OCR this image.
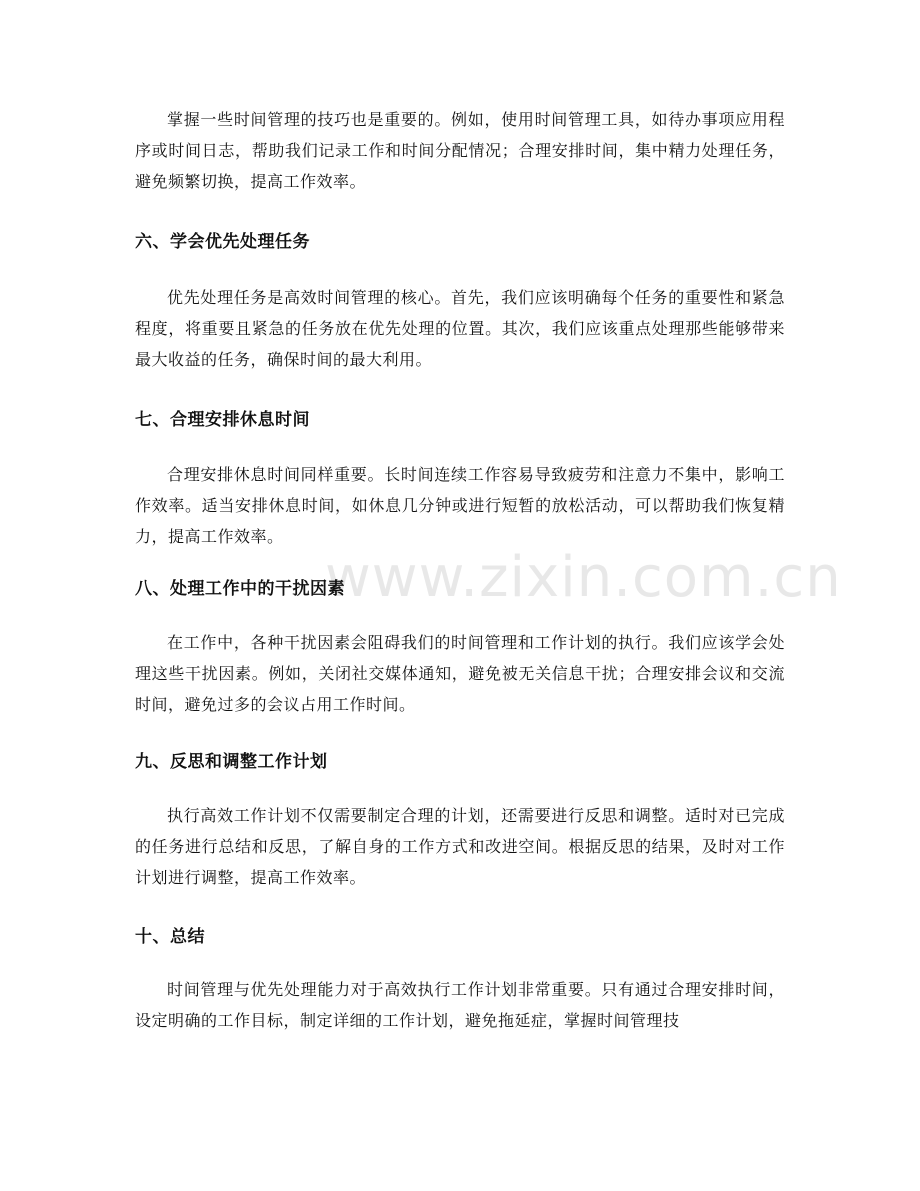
www.zixin.com.cn

掌握一些时间管理的技巧也是重要的。例如，使用时间管理工具，如待办事项应用程序或时间日志，帮助我们记录工作和时间分配情况；合理安排时间，集中精力处理任务，避免频繁切换，提高工作效率。

六、学会优先处理任务

优先处理任务是高效时间管理的核心。首先，我们应该明确每个任务的重要性和紧急程度，将重要且紧急的任务放在优先处理的位置。其次，我们应该重点处理那些能够带来最大收益的任务，确保时间的最大利用。

七、合理安排休息时间

合理安排休息时间同样重要。长时间连续工作容易导致疲劳和注意力不集中，影响工作效率。适当安排休息时间，如休息几分钟或进行短暂的放松活动，可以帮助我们恢复精力，提高工作效率。

八、处理工作中的干扰因素

在工作中，各种干扰因素会阻碍我们的时间管理和工作计划的执行。我们应该学会处理这些干扰因素。例如，关闭社交媒体通知，避免被无关信息干扰；合理安排会议和交流时间，避免过多的会议占用工作时间。

九、反思和调整工作计划

执行高效工作计划不仅需要制定合理的计划，还需要进行反思和调整。适时对已完成的任务进行总结和反思，了解自身的工作方式和改进空间。根据反思的结果，及时对工作计划进行调整，提高工作效率。

十、总结

时间管理与优先处理能力对于高效执行工作计划非常重要。只有通过合理安排时间，设定明确的工作目标，制定详细的工作计划，避免拖延症，掌握时间管理技
